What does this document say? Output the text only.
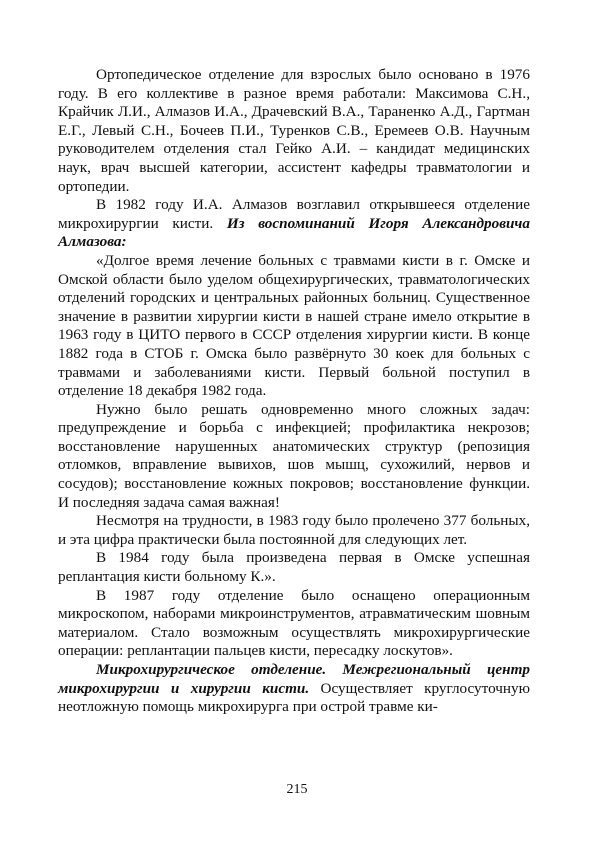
Ортопедическое отделение для взрослых было основано в 1976 году. В его коллективе в разное время работали: Максимова С.Н., Крайчик Л.И., Алмазов И.А., Драчевский В.А., Тараненко А.Д., Гартман Е.Г., Левый С.Н., Бочеев П.И., Туренков С.В., Еремеев О.В. Научным руководителем отделения стал Гейко А.И. – кандидат медицинских наук, врач высшей категории, ассистент кафедры травматологии и ортопедии.

В 1982 году И.А. Алмазов возглавил открывшееся отделение микрохирургии кисти. Из воспоминаний Игоря Александровича Алмазова:

«Долгое время лечение больных с травмами кисти в г. Омске и Омской области было уделом общехирургических, травматологических отделений городских и центральных районных больниц. Существенное значение в развитии хирургии кисти в нашей стране имело открытие в 1963 году в ЦИТО первого в СССР отделения хирургии кисти. В конце 1882 года в СТОБ г. Омска было развёрнуто 30 коек для больных с травмами и заболеваниями кисти. Первый больной поступил в отделение 18 декабря 1982 года.

Нужно было решать одновременно много сложных задач: предупреждение и борьба с инфекцией; профилактика некрозов; восстановление нарушенных анатомических структур (репозиция отломков, вправление вывихов, шов мышц, сухожилий, нервов и сосудов); восстановление кожных покровов; восстановление функции. И последняя задача самая важная!

Несмотря на трудности, в 1983 году было пролечено 377 больных, и эта цифра практически была постоянной для следующих лет.

В 1984 году была произведена первая в Омске успешная реплантация кисти больному К.».

В 1987 году отделение было оснащено операционным микроскопом, наборами микроинструментов, атравматическим шовным материалом. Стало возможным осуществлять микрохирургические операции: реплантации пальцев кисти, пересадку лоскутов».

Микрохирургическое отделение. Межрегиональный центр микрохирургии и хирургии кисти. Осуществляет круглосуточную неотложную помощь микрохирурга при острой травме ки-

215
